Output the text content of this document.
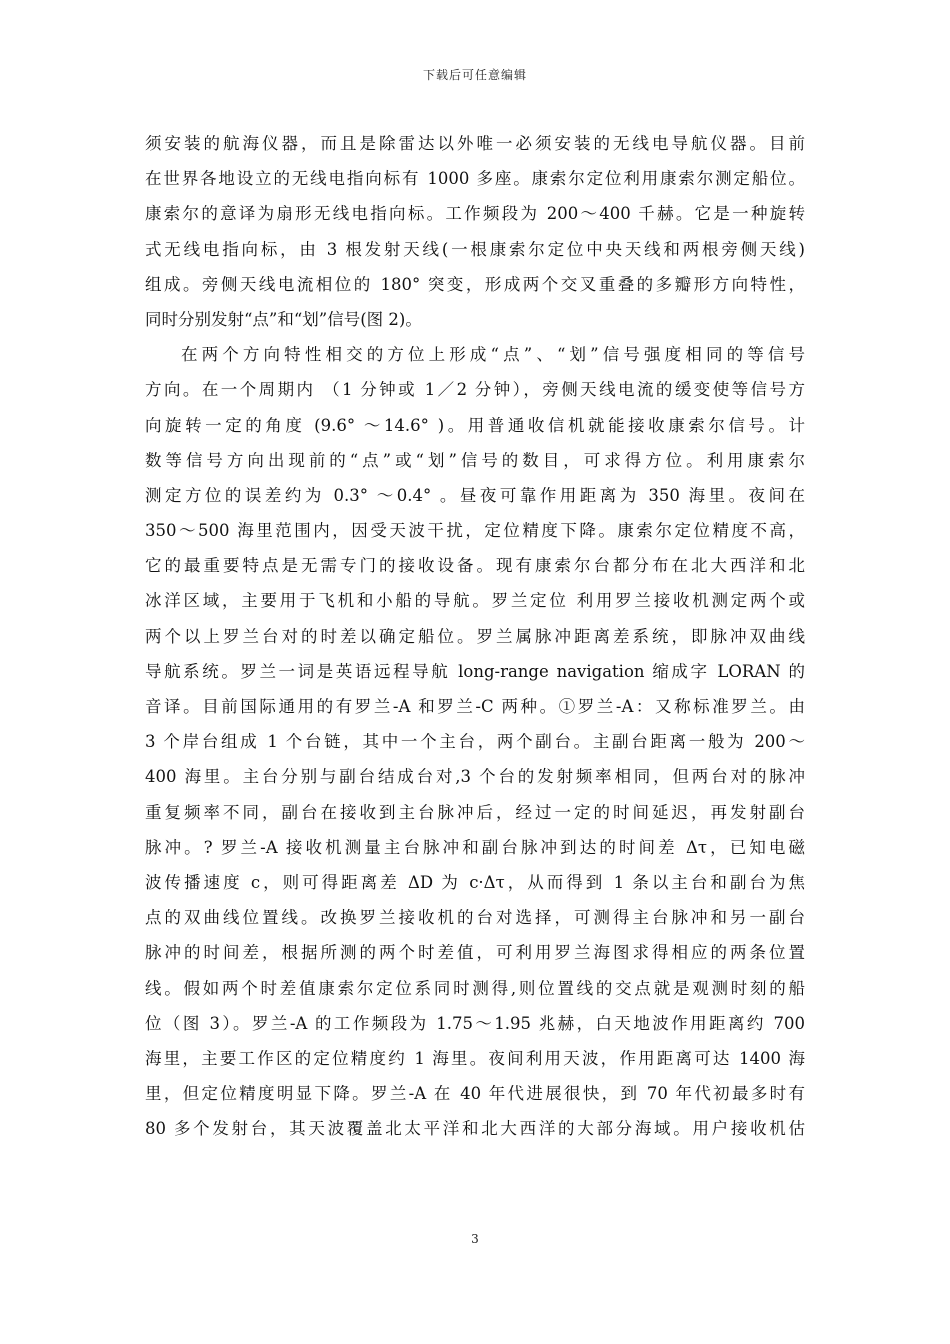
下载后可任意编辑
须安装的航海仪器，而且是除雷达以外唯一必须安装的无线电导航仪器。目前
在世界各地设立的无线电指向标有 1000 多座。康索尔定位利用康索尔测定船位。
康索尔的意译为扇形无线电指向标。工作频段为 200～400 千赫。它是一种旋转
式无线电指向标，由 3 根发射天线(一根康索尔定位中央天线和两根旁侧天线)
组成。旁侧天线电流相位的 180° 突变，形成两个交叉重叠的多瓣形方向特性，
同时分别发射“点”和“划”信号(图 2)。
在两个方向特性相交的方位上形成“点”、“划”信号强度相同的等信号
方向。在一个周期内 （1 分钟或 1／2 分钟），旁侧天线电流的缓变使等信号方
向旋转一定的角度 (9.6° ～14.6° )。用普通收信机就能接收康索尔信号。计
数等信号方向出现前的“点”或“划”信号的数目，可求得方位。利用康索尔
测定方位的误差约为 0.3° ～0.4° 。昼夜可靠作用距离为 350 海里。夜间在
350～500 海里范围内，因受天波干扰，定位精度下降。康索尔定位精度不高，
它的最重要特点是无需专门的接收设备。现有康索尔台都分布在北大西洋和北
冰洋区域，主要用于飞机和小船的导航。罗兰定位 利用罗兰接收机测定两个或
两个以上罗兰台对的时差以确定船位。罗兰属脉冲距离差系统，即脉冲双曲线
导航系统。罗兰一词是英语远程导航 long-range navigation 缩成字 LORAN 的
音译。目前国际通用的有罗兰-A 和罗兰-C 两种。①罗兰-A：又称标准罗兰。由
3 个岸台组成 1 个台链，其中一个主台，两个副台。主副台距离一般为 200～
400 海里。主台分别与副台结成台对,3 个台的发射频率相同，但两台对的脉冲
重复频率不同，副台在接收到主台脉冲后，经过一定的时间延迟，再发射副台
脉冲。? 罗兰-A 接收机测量主台脉冲和副台脉冲到达的时间差 Δτ，已知电磁
波传播速度 c，则可得距离差 ΔD 为 c·Δτ，从而得到 1 条以主台和副台为焦
点的双曲线位置线。改换罗兰接收机的台对选择，可测得主台脉冲和另一副台
脉冲的时间差，根据所测的两个时差值，可利用罗兰海图求得相应的两条位置
线。假如两个时差值康索尔定位系同时测得,则位置线的交点就是观测时刻的船
位（图 3）。罗兰-A 的工作频段为 1.75～1.95 兆赫，白天地波作用距离约 700
海里，主要工作区的定位精度约 1 海里。夜间利用天波，作用距离可达 1400 海
里，但定位精度明显下降。罗兰-A 在 40 年代进展很快，到 70 年代初最多时有
80 多个发射台，其天波覆盖北太平洋和北大西洋的大部分海域。用户接收机估
3
